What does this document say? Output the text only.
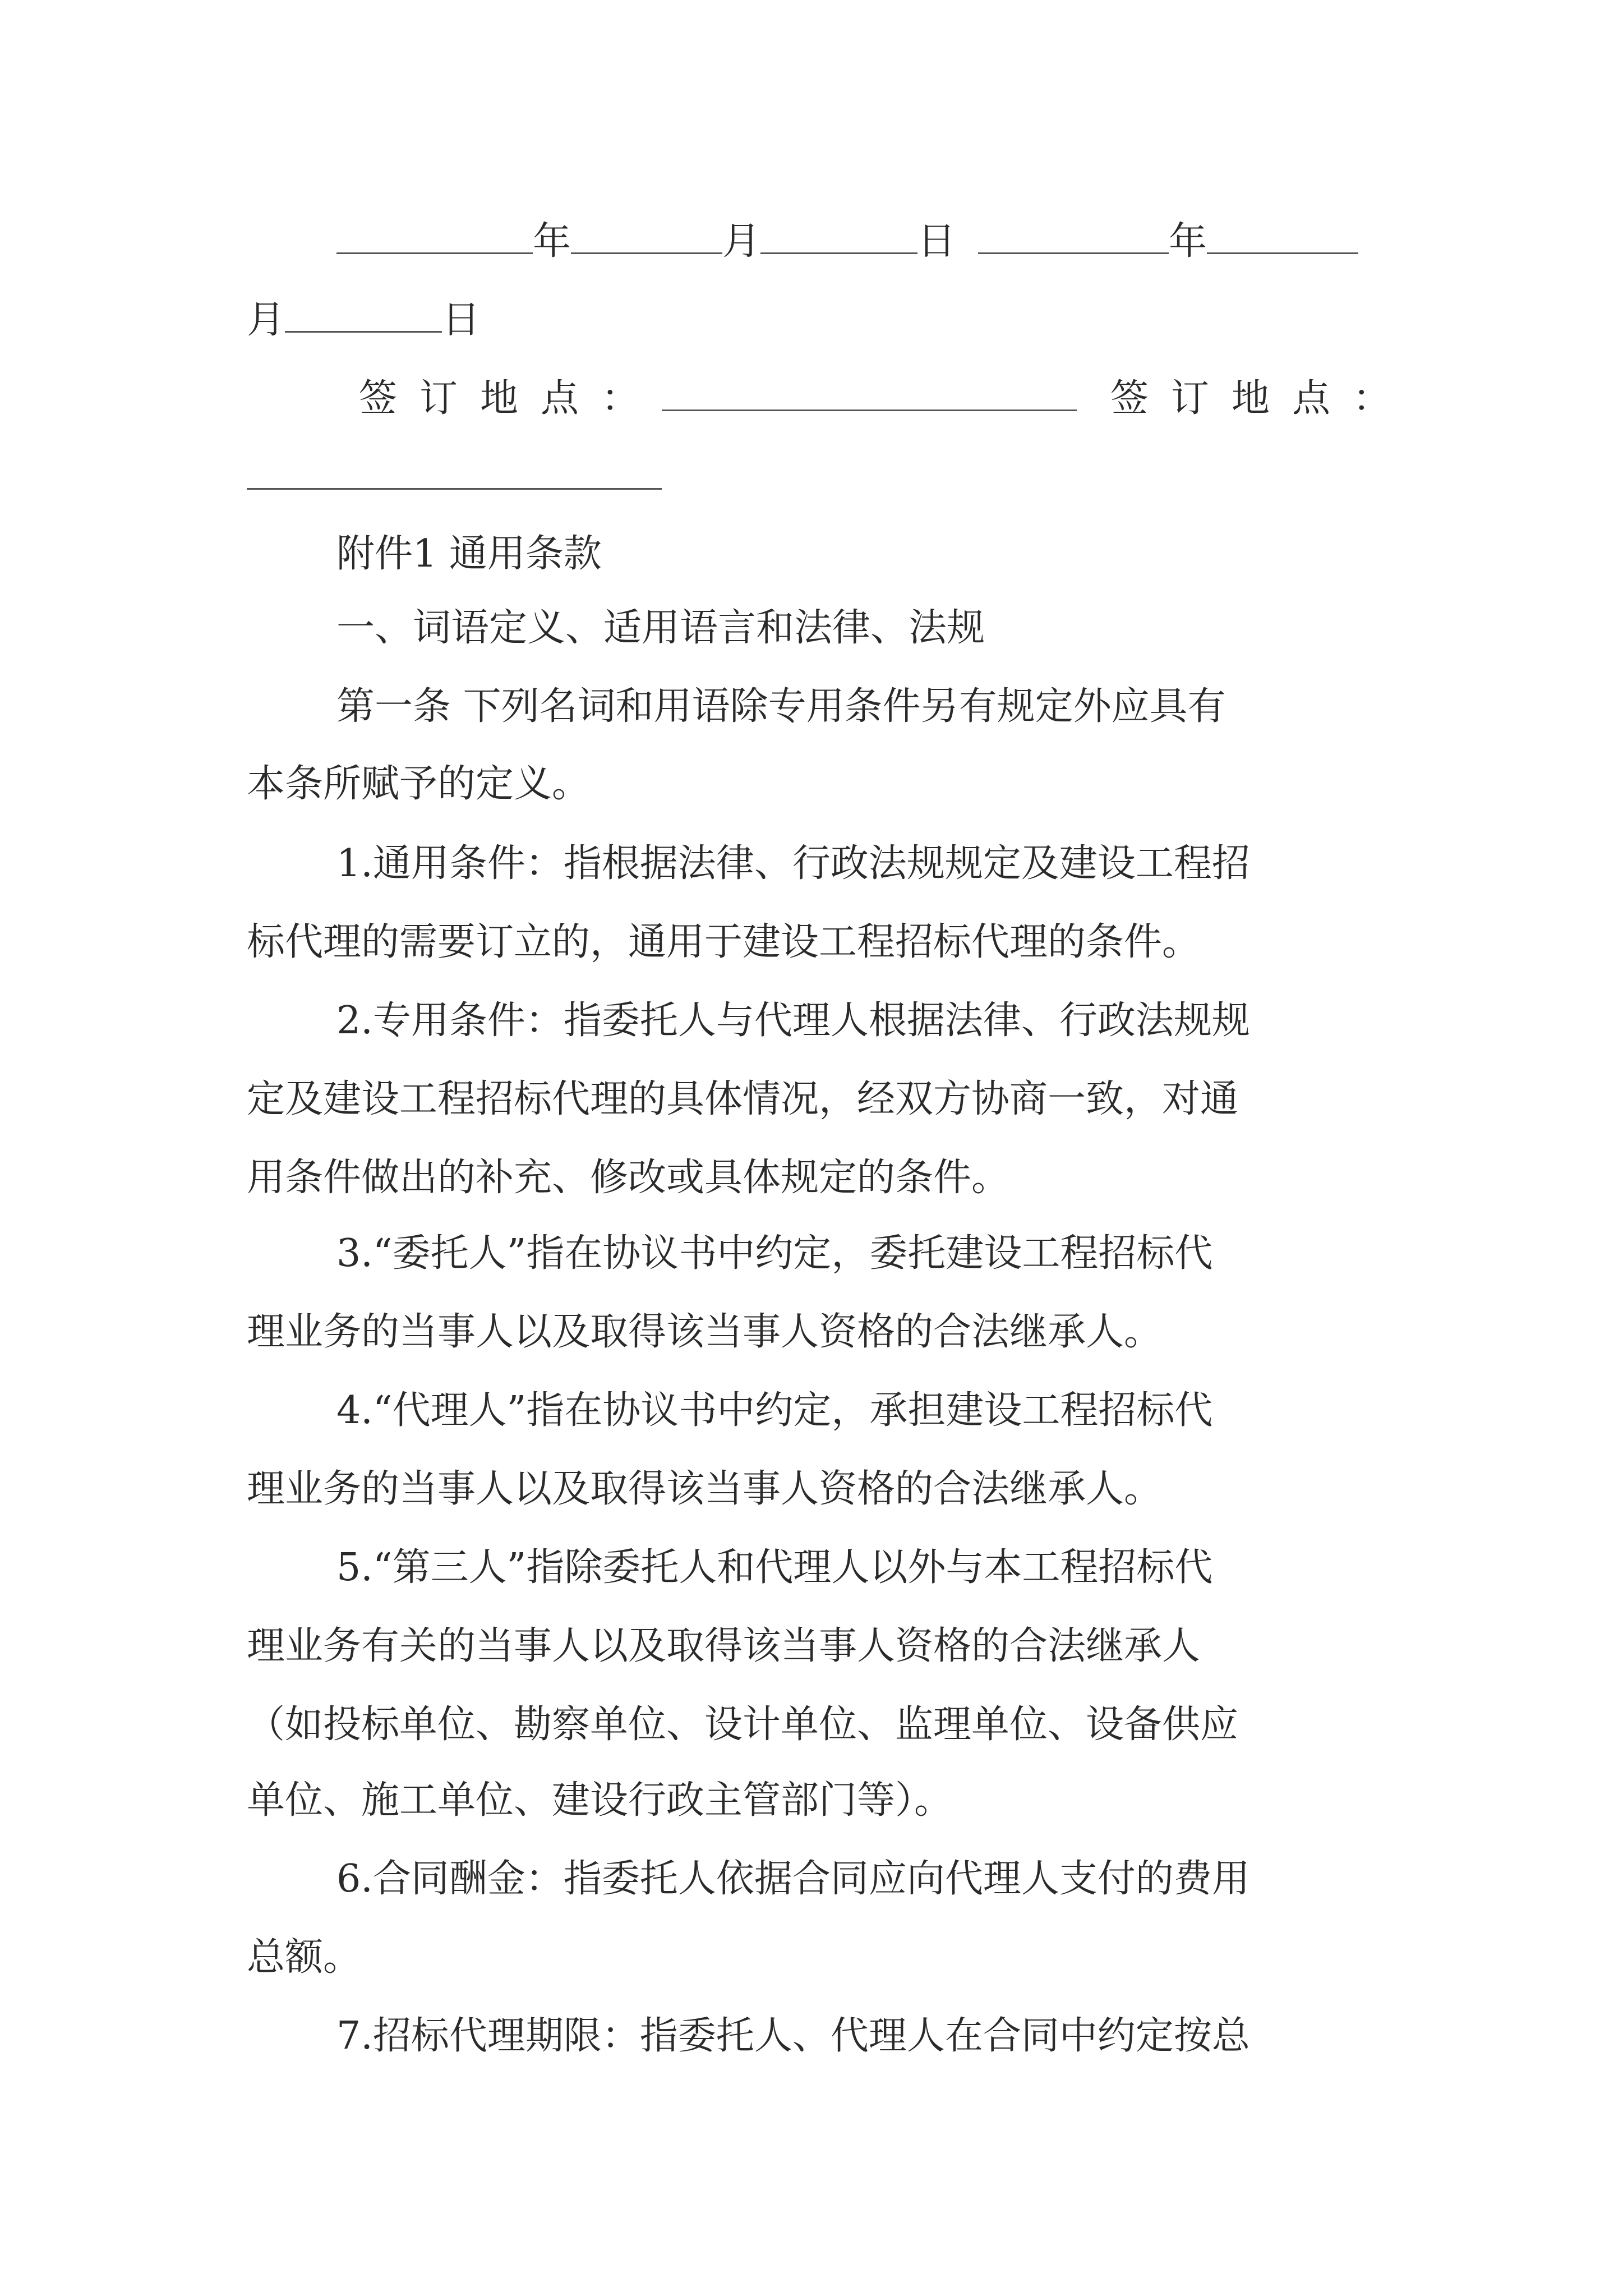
年	月	日	年
月	日
签订地点：	签订地点：
附件1 通用条款
一、词语定义、适用语言和法律、法规
第一条 下列名词和用语除专用条件另有规定外应具有
本条所赋予的定义。
1.通用条件：指根据法律、行政法规规定及建设工程招
标代理的需要订立的，通用于建设工程招标代理的条件。
2.专用条件：指委托人与代理人根据法律、行政法规规
定及建设工程招标代理的具体情况，经双方协商一致，对通
用条件做出的补充、修改或具体规定的条件。
3.“委托人”指在协议书中约定，委托建设工程招标代
理业务的当事人以及取得该当事人资格的合法继承人。
4.“代理人”指在协议书中约定，承担建设工程招标代
理业务的当事人以及取得该当事人资格的合法继承人。
5.“第三人”指除委托人和代理人以外与本工程招标代
理业务有关的当事人以及取得该当事人资格的合法继承人
（如投标单位、勘察单位、设计单位、监理单位、设备供应
单位、施工单位、建设行政主管部门等）。
6.合同酬金：指委托人依据合同应向代理人支付的费用
总额。
7.招标代理期限：指委托人、代理人在合同中约定按总
